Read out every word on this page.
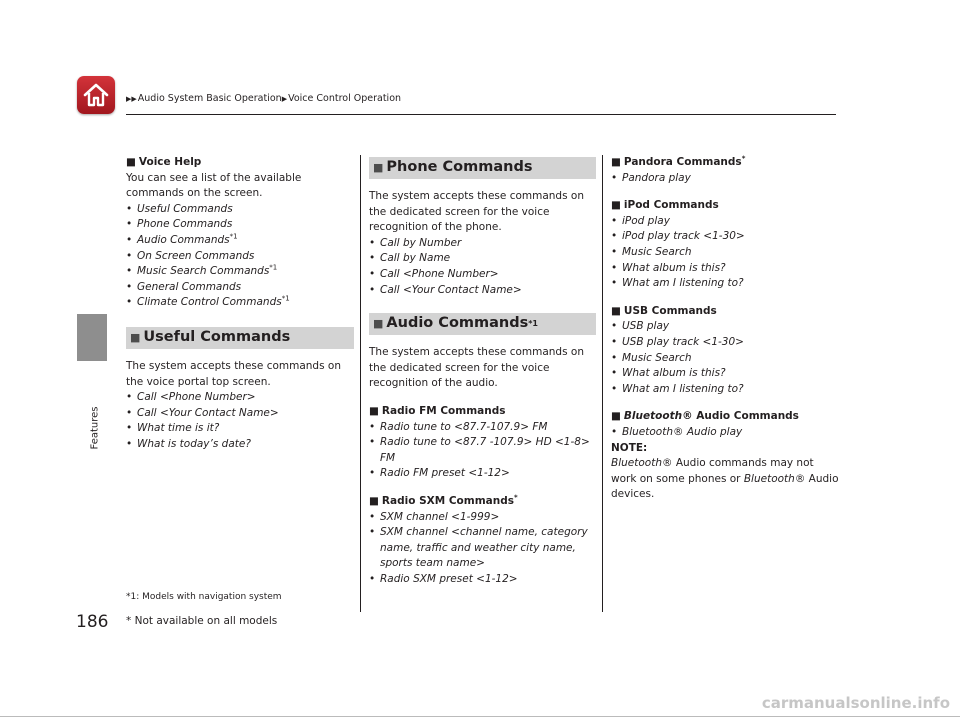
▶▶Audio System Basic Operation▶Voice Control Operation
Features
186

■ Voice Help

You can see a list of the available commands on the screen.

• Useful Commands
• Phone Commands
• Audio Commands$^{*1}$
• On Screen Commands
• Music Search Commands$^{*1}$
• General Commands
• Climate Control Commands$^{*1}$
■ Useful Commands

The system accepts these commands on the voice portal top screen.

• Call <Phone Number>
• Call <Your Contact Name>
• What time is it?
• What is today’s date?
*1: Models with navigation system
* Not available on all models
■ Phone Commands

The system accepts these commands on the dedicated screen for the voice recognition of the phone.

• Call by Number
• Call by Name
• Call <Phone Number>
• Call <Your Contact Name>
■ Audio Commands *1

The system accepts these commands on the dedicated screen for the voice recognition of the audio.

■ Radio FM Commands

• Radio tune to <87.7-107.9> FM
• Radio tune to <87.7 -107.9> HD <1-8> FM
• Radio FM preset <1-12>

■ Radio SXM Commands*

• SXM channel <1-999>
• SXM channel <channel name, category name, traffic and weather city name, sports team name>
• Radio SXM preset <1-12>

■ Pandora Commands*

• Pandora play

■ iPod Commands

• iPod play
• iPod play track <1-30>
• Music Search
• What album is this?
• What am I listening to?

■ USB Commands

• USB play
• USB play track <1-30>
• Music Search
• What album is this?
• What am I listening to?

■ Bluetooth® Audio Commands

• Bluetooth® Audio play

NOTE:

Bluetooth® Audio commands may not work on some phones or Bluetooth® Audio devices.

carmanualsonline.info
